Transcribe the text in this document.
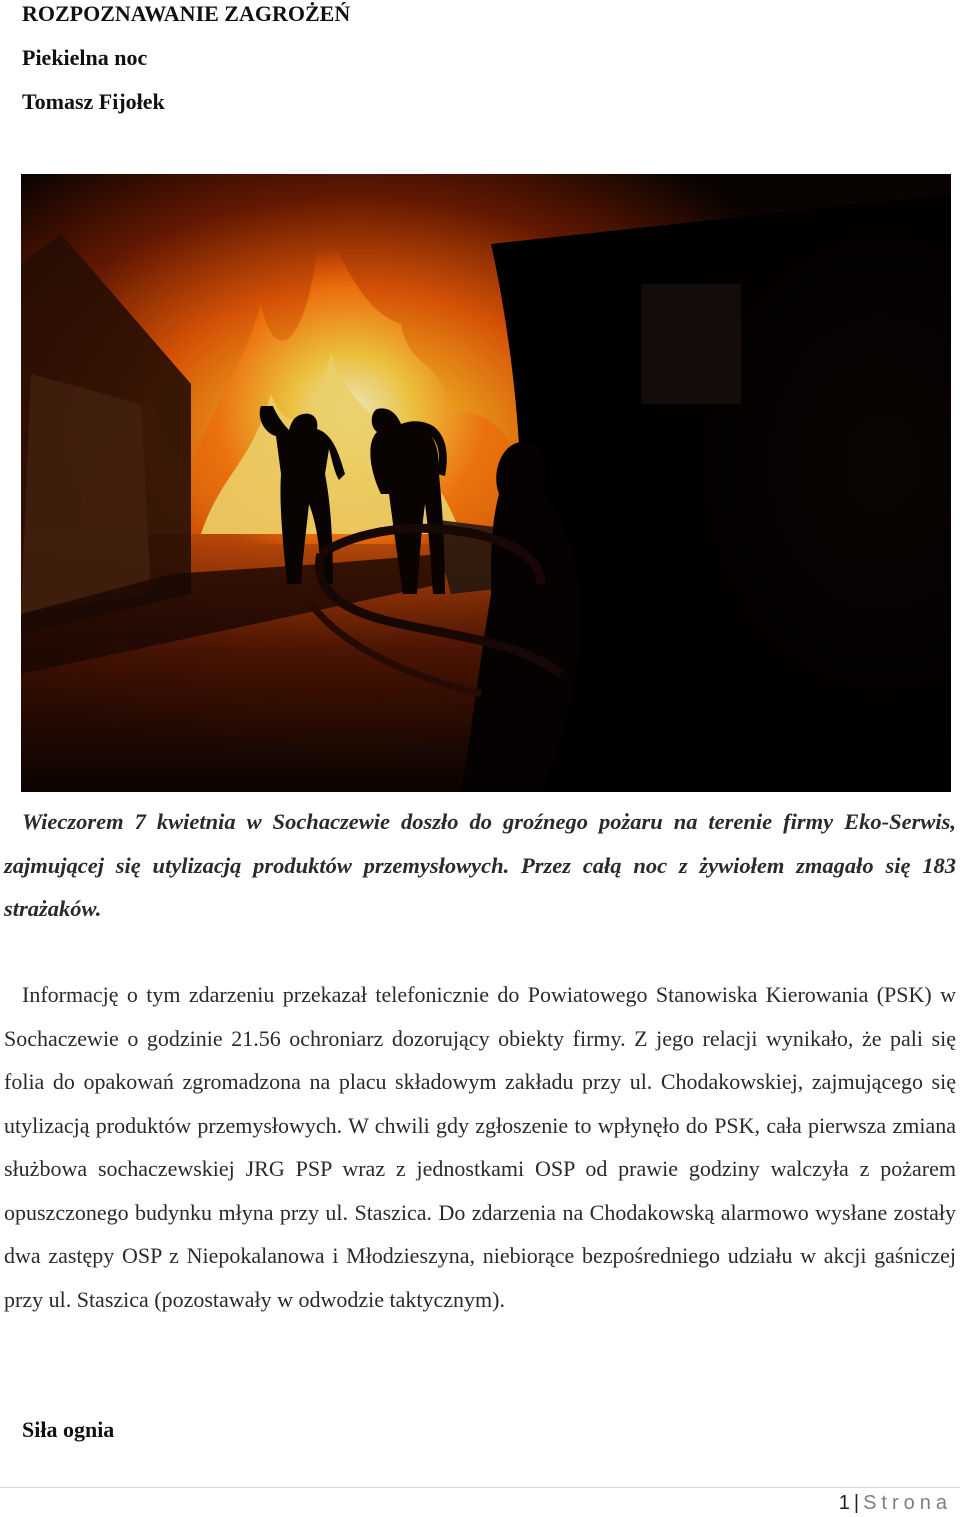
ROZPOZNAWANIE ZAGROŻEŃ
Piekielna noc
Tomasz Fijołek

Wieczorem 7 kwietnia w Sochaczewie doszło do groźnego pożaru na terenie firmy Eko-Serwis, zajmującej się utylizacją produktów przemysłowych. Przez całą noc z żywiołem zmagało się 183 strażaków.

Informację o tym zdarzeniu przekazał telefonicznie do Powiatowego Stanowiska Kierowania (PSK) w Sochaczewie o godzinie 21.56 ochroniarz dozorujący obiekty firmy. Z jego relacji wynikało, że pali się folia do opakowań zgromadzona na placu składowym zakładu przy ul. Chodakowskiej, zajmującego się utylizacją produktów przemysłowych. W chwili gdy zgłoszenie to wpłynęło do PSK, cała pierwsza zmiana służbowa sochaczewskiej JRG PSP wraz z jednostkami OSP od prawie godziny walczyła z pożarem opuszczonego budynku młyna przy ul. Staszica. Do zdarzenia na Chodakowską alarmowo wysłane zostały dwa zastępy OSP z Niepokalanowa i Młodzieszyna, niebiorące bezpośredniego udziału w akcji gaśniczej przy ul. Staszica (pozostawały w odwodzie taktycznym).

Siła ognia
1 | Strona
